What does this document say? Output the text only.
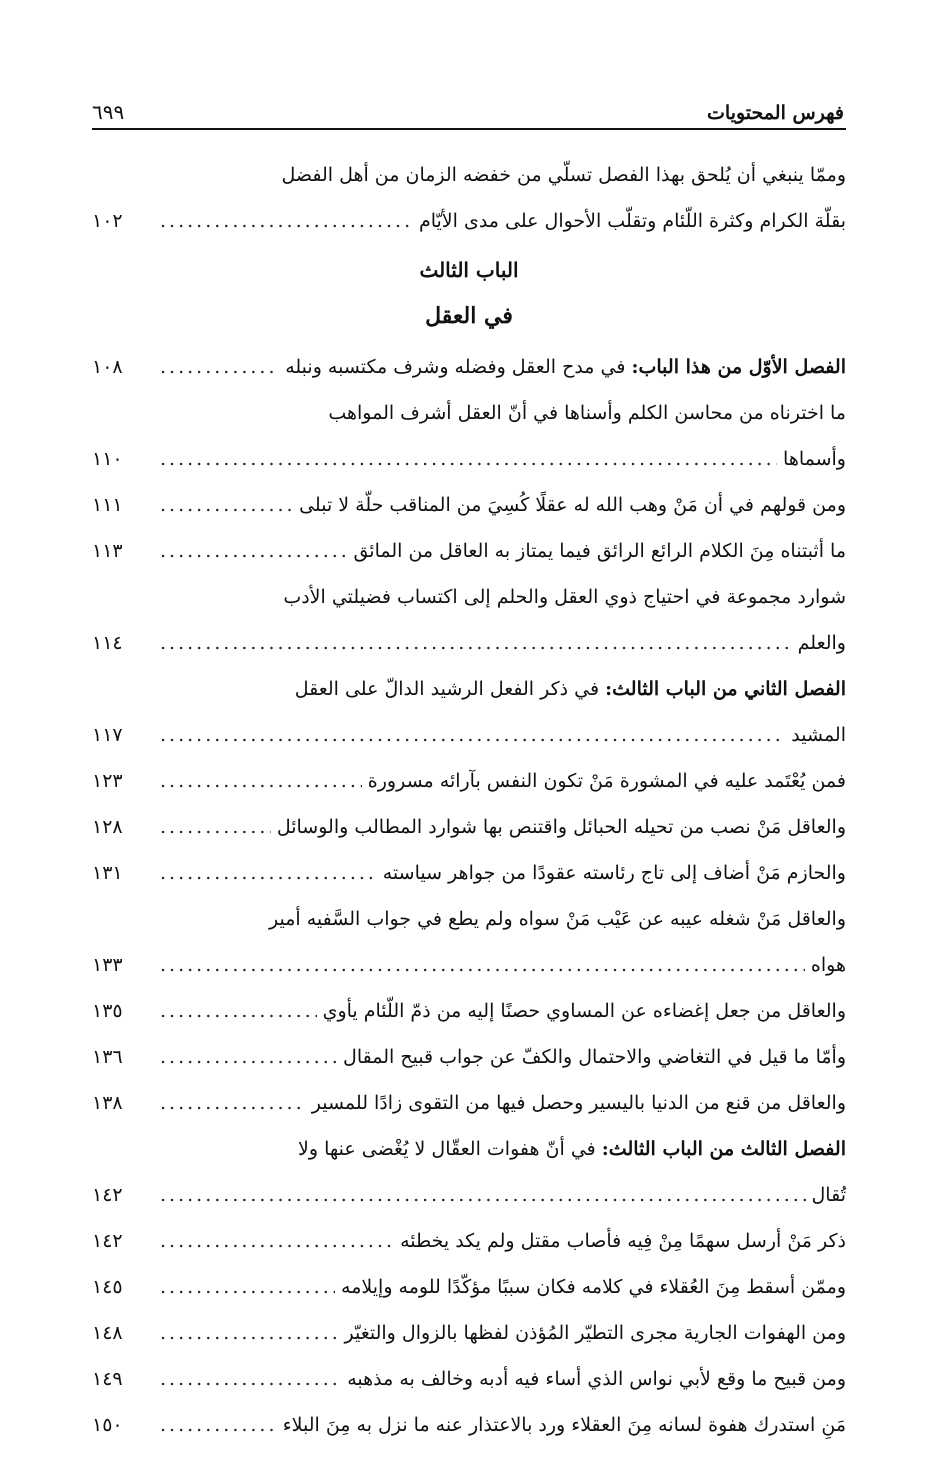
فهرس المحتويات
٦٩٩
وممّا ينبغي أن يُلحق بهذا الفصل تسلّي من خفضه الزمان من أهل الفضل
بقلّة الكرام وكثرة اللّئام وتقلّب الأحوال على مدى الأيّام
.....
١٠٢
الباب الثالث
في العقل
الفصل الأوّل من هذا الباب: في مدح العقل وفضله وشرف مكتسبه ونبله
.....
١٠٨
ما اخترناه من محاسن الكلم وأسناها في أنّ العقل أشرف المواهب
وأسماها
.....
١١٠
ومن قولهم في أن مَنْ وهب الله له عقلًا كُسِيَ من المناقب حلّة لا تبلى
.....
١١١
ما أثبتناه مِنَ الكلام الرائع الرائق فيما يمتاز به العاقل من المائق
.....
١١٣
شوارد مجموعة في احتياج ذوي العقل والحلم إلى اكتساب فضيلتي الأدب
والعلم
.....
١١٤
الفصل الثاني من الباب الثالث: في ذكر الفعل الرشيد الدالّ على العقل
المشيد
.....
١١٧
فمن يُعْتَمد عليه في المشورة مَنْ تكون النفس بآرائه مسرورة
.....
١٢٣
والعاقل مَنْ نصب من تحيله الحبائل واقتنص بها شوارد المطالب والوسائل
.....
١٢٨
والحازم مَنْ أضاف إلى تاج رئاسته عقودًا من جواهر سياسته
.....
١٣١
والعاقل مَنْ شغله عيبه عن عَيْب مَنْ سواه ولم يطع في جواب السَّفيه أمير
هواه
.....
١٣٣
والعاقل من جعل إغضاءه عن المساوي حصنًا إليه من ذمّ اللّئام يأوي
.....
١٣٥
وأمّا ما قيل في التغاضي والاحتمال والكفّ عن جواب قبيح المقال
.....
١٣٦
والعاقل من قنع من الدنيا باليسير وحصل فيها من التقوى زادًا للمسير
.....
١٣٨
الفصل الثالث من الباب الثالث: في أنّ هفوات العقّال لا يُغْضى عنها ولا
تُقال
.....
١٤٢
ذكر مَنْ أرسل سهمًا مِنْ فِيه فأصاب مقتل ولم يكد يخطئه
.....
١٤٢
وممّن أسقط مِنَ العُقلاء في كلامه فكان سببًا مؤكّدًا للومه وإيلامه
.....
١٤٥
ومن الهفوات الجارية مجرى التطيّر المُؤذن لفظها بالزوال والتغيّر
.....
١٤٨
ومن قبيح ما وقع لأبي نواس الذي أساء فيه أدبه وخالف به مذهبه
.....
١٤٩
مَنِ استدرك هفوة لسانه مِنَ العقلاء ورد بالاعتذار عنه ما نزل به مِنَ البلاء
.....
١٥٠
